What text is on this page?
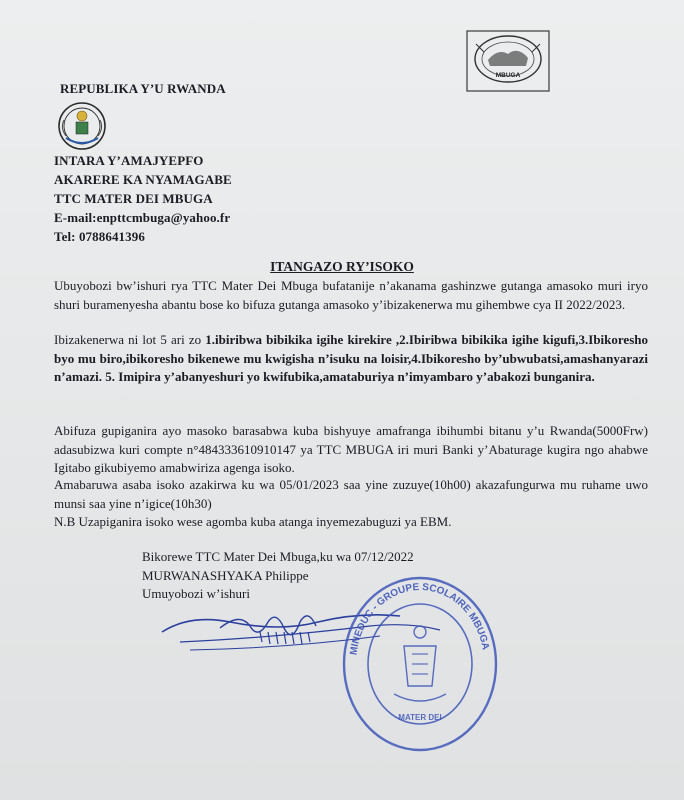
MBUGA
REPUBLIKA Y’U RWANDA
INTARA Y’AMAJYEPFO
AKARERE KA NYAMAGABE
TTC MATER DEI MBUGA
E-mail:enpttcmbuga@yahoo.fr
Tel: 0788641396
ITANGAZO RY’ISOKO
Ubuyobozi bw’ishuri rya TTC Mater Dei Mbuga bufatanije n’akanama gashinzwe gutanga amasoko muri iryo shuri buramenyesha abantu bose ko bifuza gutanga amasoko y’ibizakenerwa mu gihembwe cya II 2022/2023.
Ibizakenerwa ni lot 5 ari zo 1.ibiribwa bibikika igihe kirekire ,2.Ibiribwa bibikika igihe kigufi,3.Ibikoresho byo mu biro,ibikoresho bikenewe mu kwigisha n’isuku na loisir,4.Ibikoresho by’ubwubatsi,amashanyarazi n’amazi. 5. Imipira y’abanyeshuri yo kwifubika,amataburiya n’imyambaro y’abakozi bunganira.
Abifuza gupiganira ayo masoko barasabwa kuba bishyuye amafranga ibihumbi bitanu y’u Rwanda(5000Frw) adasubizwa kuri compte n°484333610910147 ya TTC MBUGA iri muri Banki y’Abaturage kugira ngo ahabwe Igitabo gikubiyemo amabwiriza agenga isoko.
Amabaruwa asaba isoko azakirwa ku wa 05/01/2023 saa yine zuzuye(10h00) akazafungurwa mu ruhame uwo munsi saa yine n’igice(10h30)
N.B Uzapiganira isoko wese agomba kuba atanga inyemezabuguzi ya EBM.
Bikorewe TTC Mater Dei Mbuga,ku wa 07/12/2022
MURWANASHYAKA Philippe
Umuyobozi w’ishuri
MINEDUC - GROUPE SCOLAIRE MBUGA
MATER DEI
